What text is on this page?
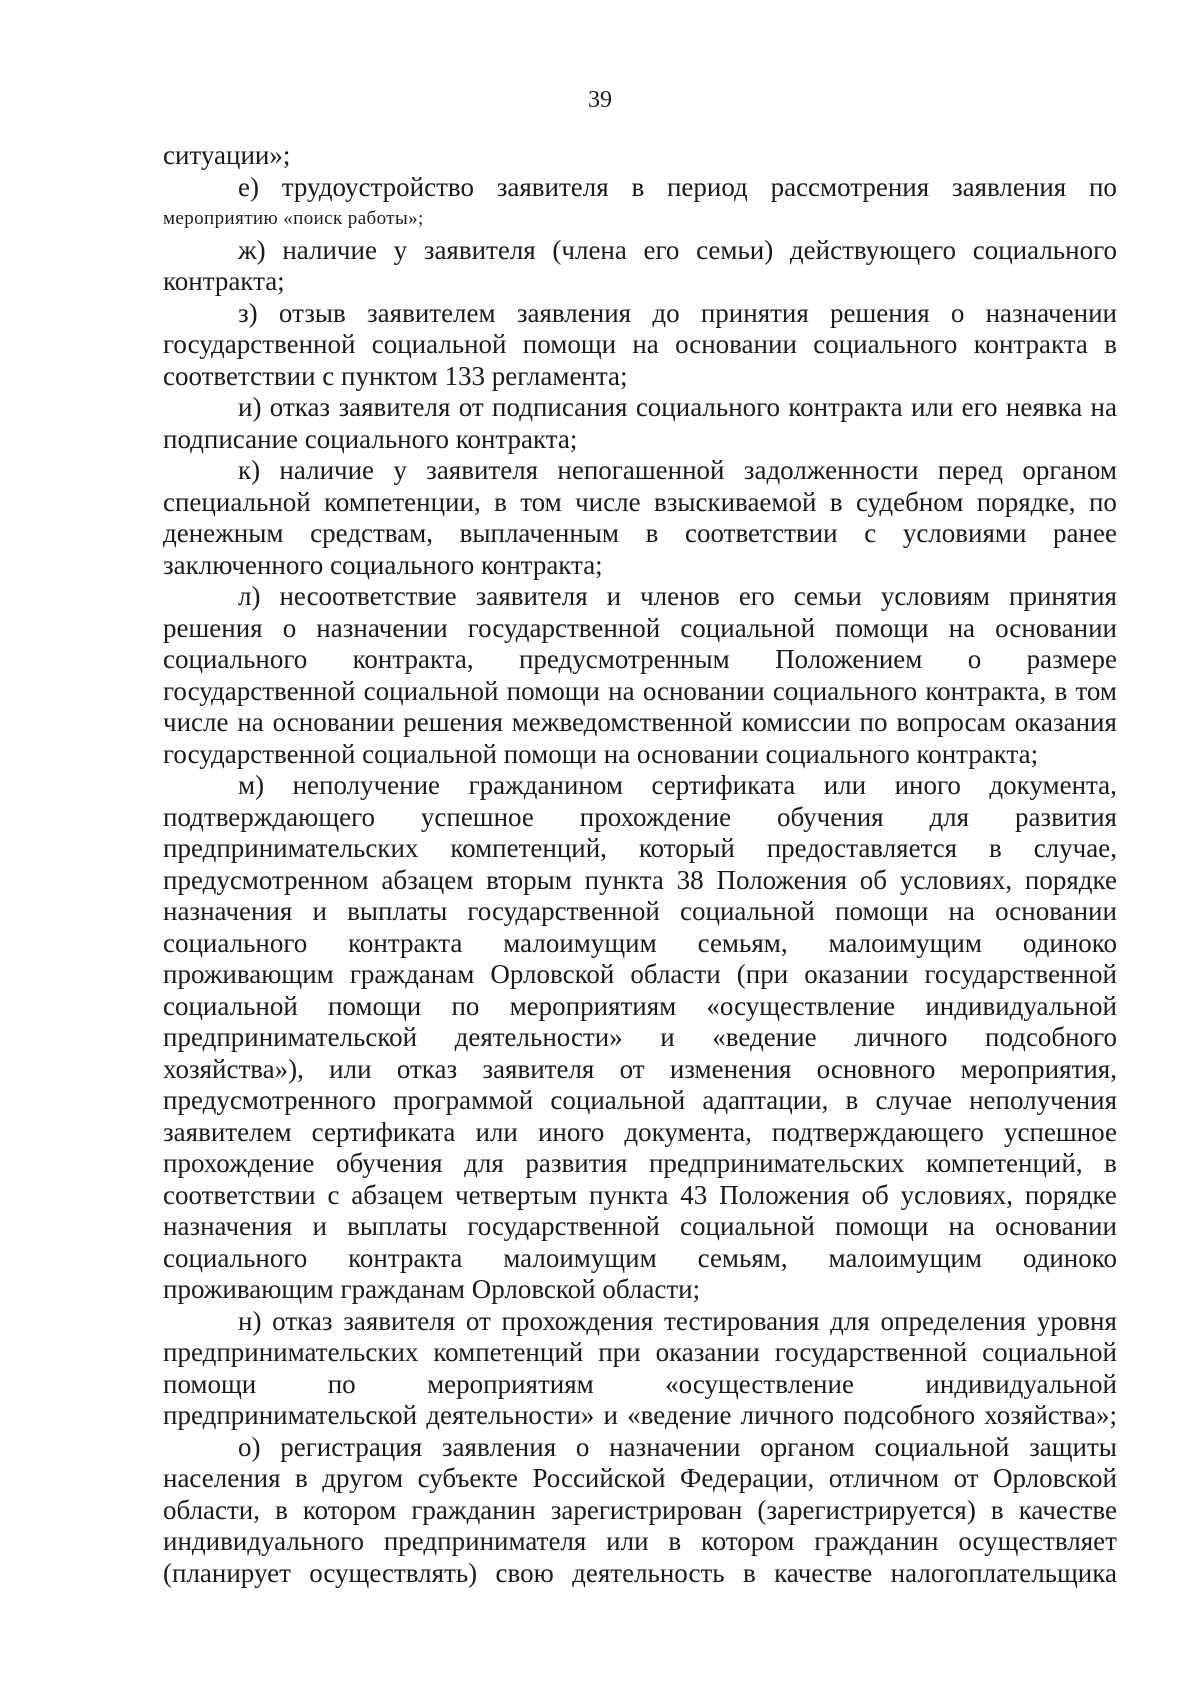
39
ситуации»;
е) трудоустройство заявителя в период рассмотрения заявления по
мероприятию «поиск работы»;
ж) наличие у заявителя (члена его семьи) действующего социального
контракта;
з) отзыв заявителем заявления до принятия решения о назначении
государственной социальной помощи на основании социального контракта в
соответствии с пунктом 133 регламента;
и) отказ заявителя от подписания социального контракта или его неявка на
подписание социального контракта;
к) наличие у заявителя непогашенной задолженности перед органом
специальной компетенции, в том числе взыскиваемой в судебном порядке, по
денежным средствам, выплаченным в соответствии с условиями ранее
заключенного социального контракта;
л) несоответствие заявителя и членов его семьи условиям принятия
решения о назначении государственной социальной помощи на основании
социального контракта, предусмотренным Положением о размере
государственной социальной помощи на основании социального контракта, в том
числе на основании решения межведомственной комиссии по вопросам оказания
государственной социальной помощи на основании социального контракта;
м) неполучение гражданином сертификата или иного документа,
подтверждающего успешное прохождение обучения для развития
предпринимательских компетенций, который предоставляется в случае,
предусмотренном абзацем вторым пункта 38 Положения об условиях, порядке
назначения и выплаты государственной социальной помощи на основании
социального контракта малоимущим семьям, малоимущим одиноко
проживающим гражданам Орловской области (при оказании государственной
социальной помощи по мероприятиям «осуществление индивидуальной
предпринимательской деятельности» и «ведение личного подсобного
хозяйства»), или отказ заявителя от изменения основного мероприятия,
предусмотренного программой социальной адаптации, в случае неполучения
заявителем сертификата или иного документа, подтверждающего успешное
прохождение обучения для развития предпринимательских компетенций, в
соответствии с абзацем четвертым пункта 43 Положения об условиях, порядке
назначения и выплаты государственной социальной помощи на основании
социального контракта малоимущим семьям, малоимущим одиноко
проживающим гражданам Орловской области;
н) отказ заявителя от прохождения тестирования для определения уровня
предпринимательских компетенций при оказании государственной социальной
помощи	по	мероприятиям	«осуществление	индивидуальной
предпринимательской деятельности» и «ведение личного подсобного хозяйства»;
о) регистрация заявления о назначении органом социальной защиты
населения в другом субъекте Российской Федерации, отличном от Орловской
области, в котором гражданин зарегистрирован (зарегистрируется) в качестве
индивидуального предпринимателя или в котором гражданин осуществляет
(планирует осуществлять) свою деятельность в качестве налогоплательщика
